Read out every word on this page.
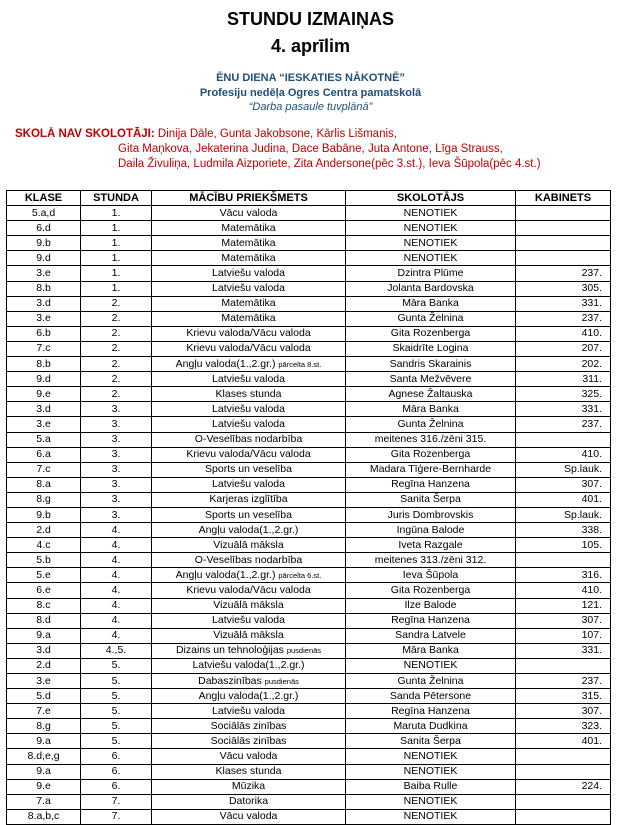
STUNDU IZMAIŅAS
4. aprīlim
ĒNU DIENA “IESKATIES NĀKOTNĒ”
Profesiju nedēļa Ogres Centra pamatskolā
“Darba pasaule tuvplānā”
SKOLĀ NAV SKOLOTĀJI: Dinija Dāle, Gunta Jakobsone, Kārlis Lišmanis,
Gita Maņkova, Jekaterina Judina, Dace Babāne, Juta Antone, Līga Strauss,
Daila Živuliņa, Ludmila Aizporiete, Zita Andersone(pēc 3.st.), Ieva Šūpola(pēc 4.st.)
KLASE	STUNDA	MĀCĪBU PRIEKŠMETS	SKOLOTĀJS	KABINETS
5.a,d	1.	Vācu valoda	NENOTIEK	
6.d	1.	Matemātika	NENOTIEK	
9.b	1.	Matemātika	NENOTIEK	
9.d	1.	Matemātika	NENOTIEK	
3.e	1.	Latviešu valoda	Dzintra Plūme	237.
8.b	1.	Latviešu valoda	Jolanta Bardovska	305.
3.d	2.	Matemātika	Māra Banka	331.
3.e	2.	Matemātika	Gunta Želnina	237.
6.b	2.	Krievu valoda/Vācu valoda	Gita Rozenberga	410.
7.c	2.	Krievu valoda/Vācu valoda	Skaidrīte Logina	207.
8.b	2.	Angļu valoda(1.,2.gr.) pārcelta 8.st.	Sandris Skarainis	202.
9.d	2.	Latviešu valoda	Santa Mežvēvere	311.
9.e	2.	Klases stunda	Agnese Žaltauska	325.
3.d	3.	Latviešu valoda	Māra Banka	331.
3.e	3.	Latviešu valoda	Gunta Želnina	237.
5.a	3.	O-Veselības nodarbība	meitenes 316./zēni 315.	
6.a	3.	Krievu valoda/Vācu valoda	Gita Rozenberga	410.
7.c	3.	Sports un veselība	Madara Tīģere-Bernharde	Sp.lauk.
8.a	3.	Latviešu valoda	Regīna Hanzena	307.
8.g	3.	Karjeras izglītība	Sanita Šerpa	401.
9.b	3.	Sports un veselība	Juris Dombrovskis	Sp.lauk.
2.d	4.	Angļu valoda(1.,2.gr.)	Ingūna Balode	338.
4.c	4.	Vizuālā māksla	Iveta Razgale	105.
5.b	4.	O-Veselības nodarbība	meitenes 313./zēni 312.	
5.e	4.	Angļu valoda(1.,2.gr.) pārcelta 6.st.	Ieva Šūpola	316.
6.e	4.	Krievu valoda/Vācu valoda	Gita Rozenberga	410.
8.c	4.	Vizuālā māksla	Ilze Balode	121.
8.d	4.	Latviešu valoda	Regīna Hanzena	307.
9.a	4.	Vizuālā māksla	Sandra Latvele	107.
3.d	4.,5.	Dizains un tehnoloģijas pusdienās	Māra Banka	331.
2.d	5.	Latviešu valoda(1.,2.gr.)	NENOTIEK	
3.e	5.	Dabaszinības pusdienās	Gunta Želnina	237.
5.d	5.	Angļu valoda(1.,2.gr.)	Sanda Pētersone	315.
7.e	5.	Latviešu valoda	Regīna Hanzena	307.
8.g	5.	Sociālās zinības	Maruta Dudkina	323.
9.a	5.	Sociālās zinības	Sanita Šerpa	401.
8.d,e,g	6.	Vācu valoda	NENOTIEK	
9.a	6.	Klases stunda	NENOTIEK	
9.e	6.	Mūzika	Baiba Rulle	224.
7.a	7.	Datorika	NENOTIEK	
8.a,b,c	7.	Vācu valoda	NENOTIEK	
